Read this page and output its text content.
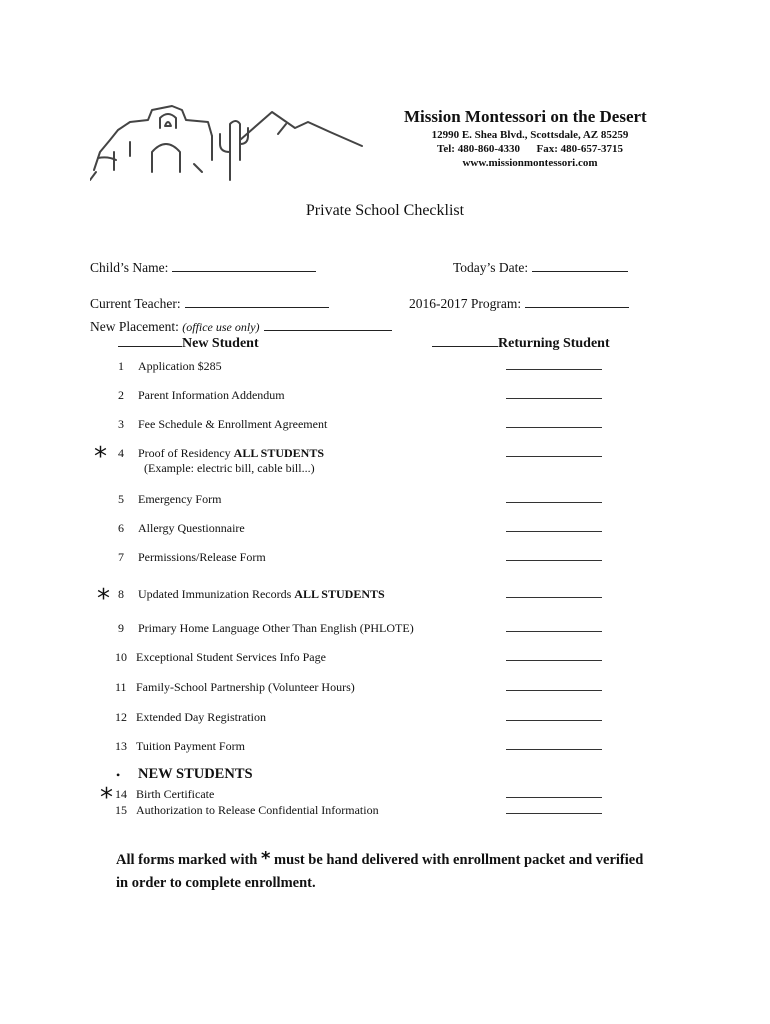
Mission Montessori on the Desert
12990 E. Shea Blvd., Scottsdale, AZ 85259
Tel: 480-860-4330      Fax: 480-657-3715
www.missionmontessori.com
Private School Checklist
Child’s Name:	Today’s Date:
Current Teacher:	2016-2017 Program:
New Placement: (office use only)
New Student	Returning Student
1 Application $285
2 Parent Information Addendum
3 Fee Schedule & Enrollment Agreement
* 4 Proof of Residency ALL STUDENTS
(Example: electric bill, cable bill...)
5 Emergency Form
6 Allergy Questionnaire
7 Permissions/Release Form
* 8 Updated Immunization Records ALL STUDENTS
9 Primary Home Language Other Than English (PHLOTE)
10 Exceptional Student Services Info Page
11 Family-School Partnership (Volunteer Hours)
12 Extended Day Registration
13 Tuition Payment Form
• NEW STUDENTS
* 14 Birth Certificate
15 Authorization to Release Confidential Information
All forms marked with * must be hand delivered with enrollment packet and verified in order to complete enrollment.
